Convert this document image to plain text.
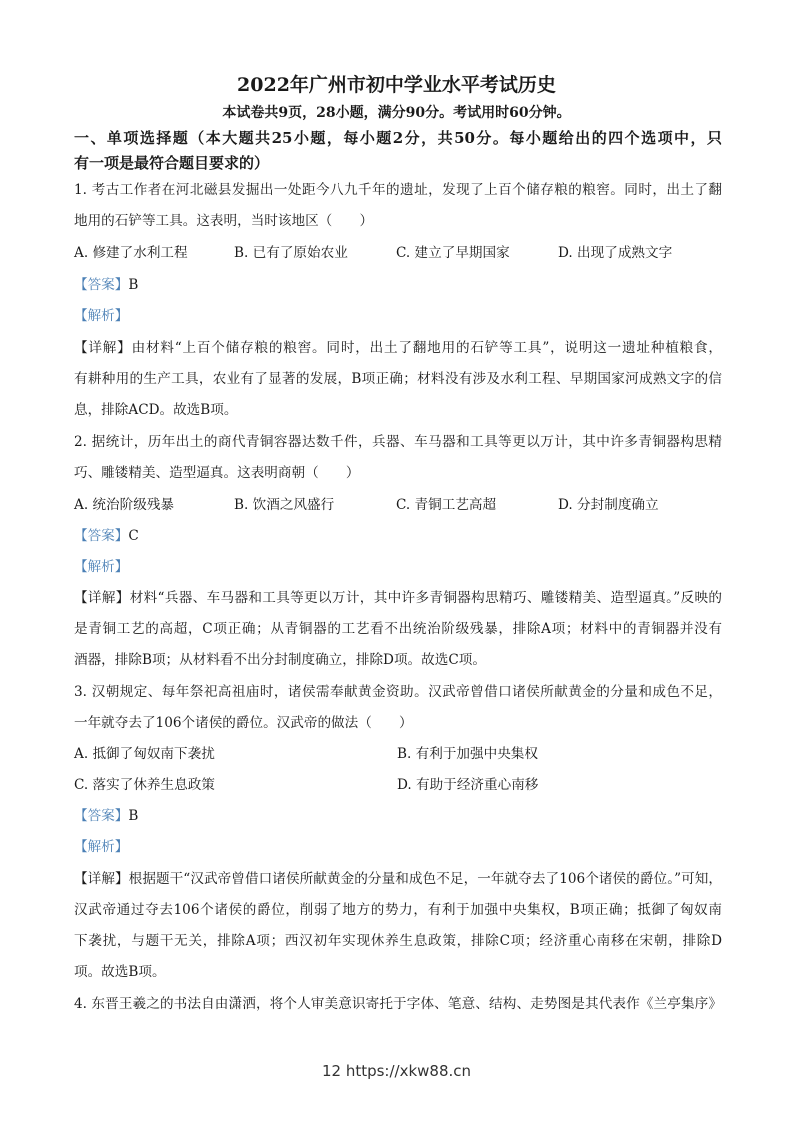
2022年广州市初中学业水平考试历史
本试卷共9页，28小题，满分90分。考试用时60分钟。
一、单项选择题（本大题共25小题，每小题2分，共50分。每小题给出的四个选项中，只
有一项是最符合题目要求的）
1. 考古工作者在河北磁县发掘出一处距今八九千年的遗址，发现了上百个储存粮的粮窖。同时，出土了翻
地用的石铲等工具。这表明，当时该地区（　　）
A. 修建了水利工程	B. 已有了原始农业	C. 建立了早期国家	D. 出现了成熟文字
【答案】B
【解析】
【详解】由材料“上百个储存粮的粮窖。同时，出土了翻地用的石铲等工具”，说明这一遗址种植粮食，
有耕种用的生产工具，农业有了显著的发展，B项正确；材料没有涉及水利工程、早期国家河成熟文字的信
息，排除ACD。故选B项。
2. 据统计，历年出土的商代青铜容器达数千件，兵器、车马器和工具等更以万计，其中许多青铜器构思精
巧、雕镂精美、造型逼真。这表明商朝（　　）
A. 统治阶级残暴	B. 饮酒之风盛行	C. 青铜工艺高超	D. 分封制度确立
【答案】C
【解析】
【详解】材料“兵器、车马器和工具等更以万计，其中许多青铜器构思精巧、雕镂精美、造型逼真。”反映的
是青铜工艺的高超，C项正确；从青铜器的工艺看不出统治阶级残暴，排除A项；材料中的青铜器并没有
酒器，排除B项；从材料看不出分封制度确立，排除D项。故选C项。
3. 汉朝规定、每年祭祀高祖庙时，诸侯需奉献黄金资助。汉武帝曾借口诸侯所献黄金的分量和成色不足，
一年就夺去了106个诸侯的爵位。汉武帝的做法（　　）
A. 抵御了匈奴南下袭扰	B. 有利于加强中央集权
C. 落实了休养生息政策	D. 有助于经济重心南移
【答案】B
【解析】
【详解】根据题干“汉武帝曾借口诸侯所献黄金的分量和成色不足，一年就夺去了106个诸侯的爵位。”可知，
汉武帝通过夺去106个诸侯的爵位，削弱了地方的势力，有利于加强中央集权，B项正确；抵御了匈奴南
下袭扰，与题干无关，排除A项；西汉初年实现休养生息政策，排除C项；经济重心南移在宋朝，排除D
项。故选B项。
4. 东晋王羲之的书法自由潇洒，将个人审美意识寄托于字体、笔意、结构、走势图是其代表作《兰亭集序》
12 https://xkw88.cn
